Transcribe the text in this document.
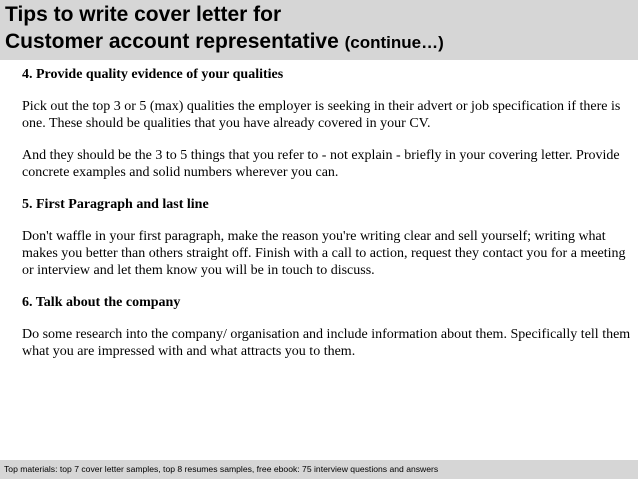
Tips to write cover letter for
Customer account representative (continue…)

4. Provide quality evidence of your qualities

Pick out the top 3 or 5 (max) qualities the employer is seeking in their advert or job specification if there is one. These should be qualities that you have already covered in your CV.

And they should be the 3 to 5 things that you refer to - not explain - briefly in your covering letter. Provide concrete examples and solid numbers wherever you can.

5. First Paragraph and last line

Don't waffle in your first paragraph, make the reason you're writing clear and sell yourself; writing what makes you better than others straight off. Finish with a call to action, request they contact you for a meeting or interview and let them know you will be in touch to discuss.

6. Talk about the company

Do some research into the company/ organisation and include information about them. Specifically tell them what you are impressed with and what attracts you to them.

Top materials: top 7 cover letter samples, top 8 resumes samples, free ebook: 75 interview questions and answers
